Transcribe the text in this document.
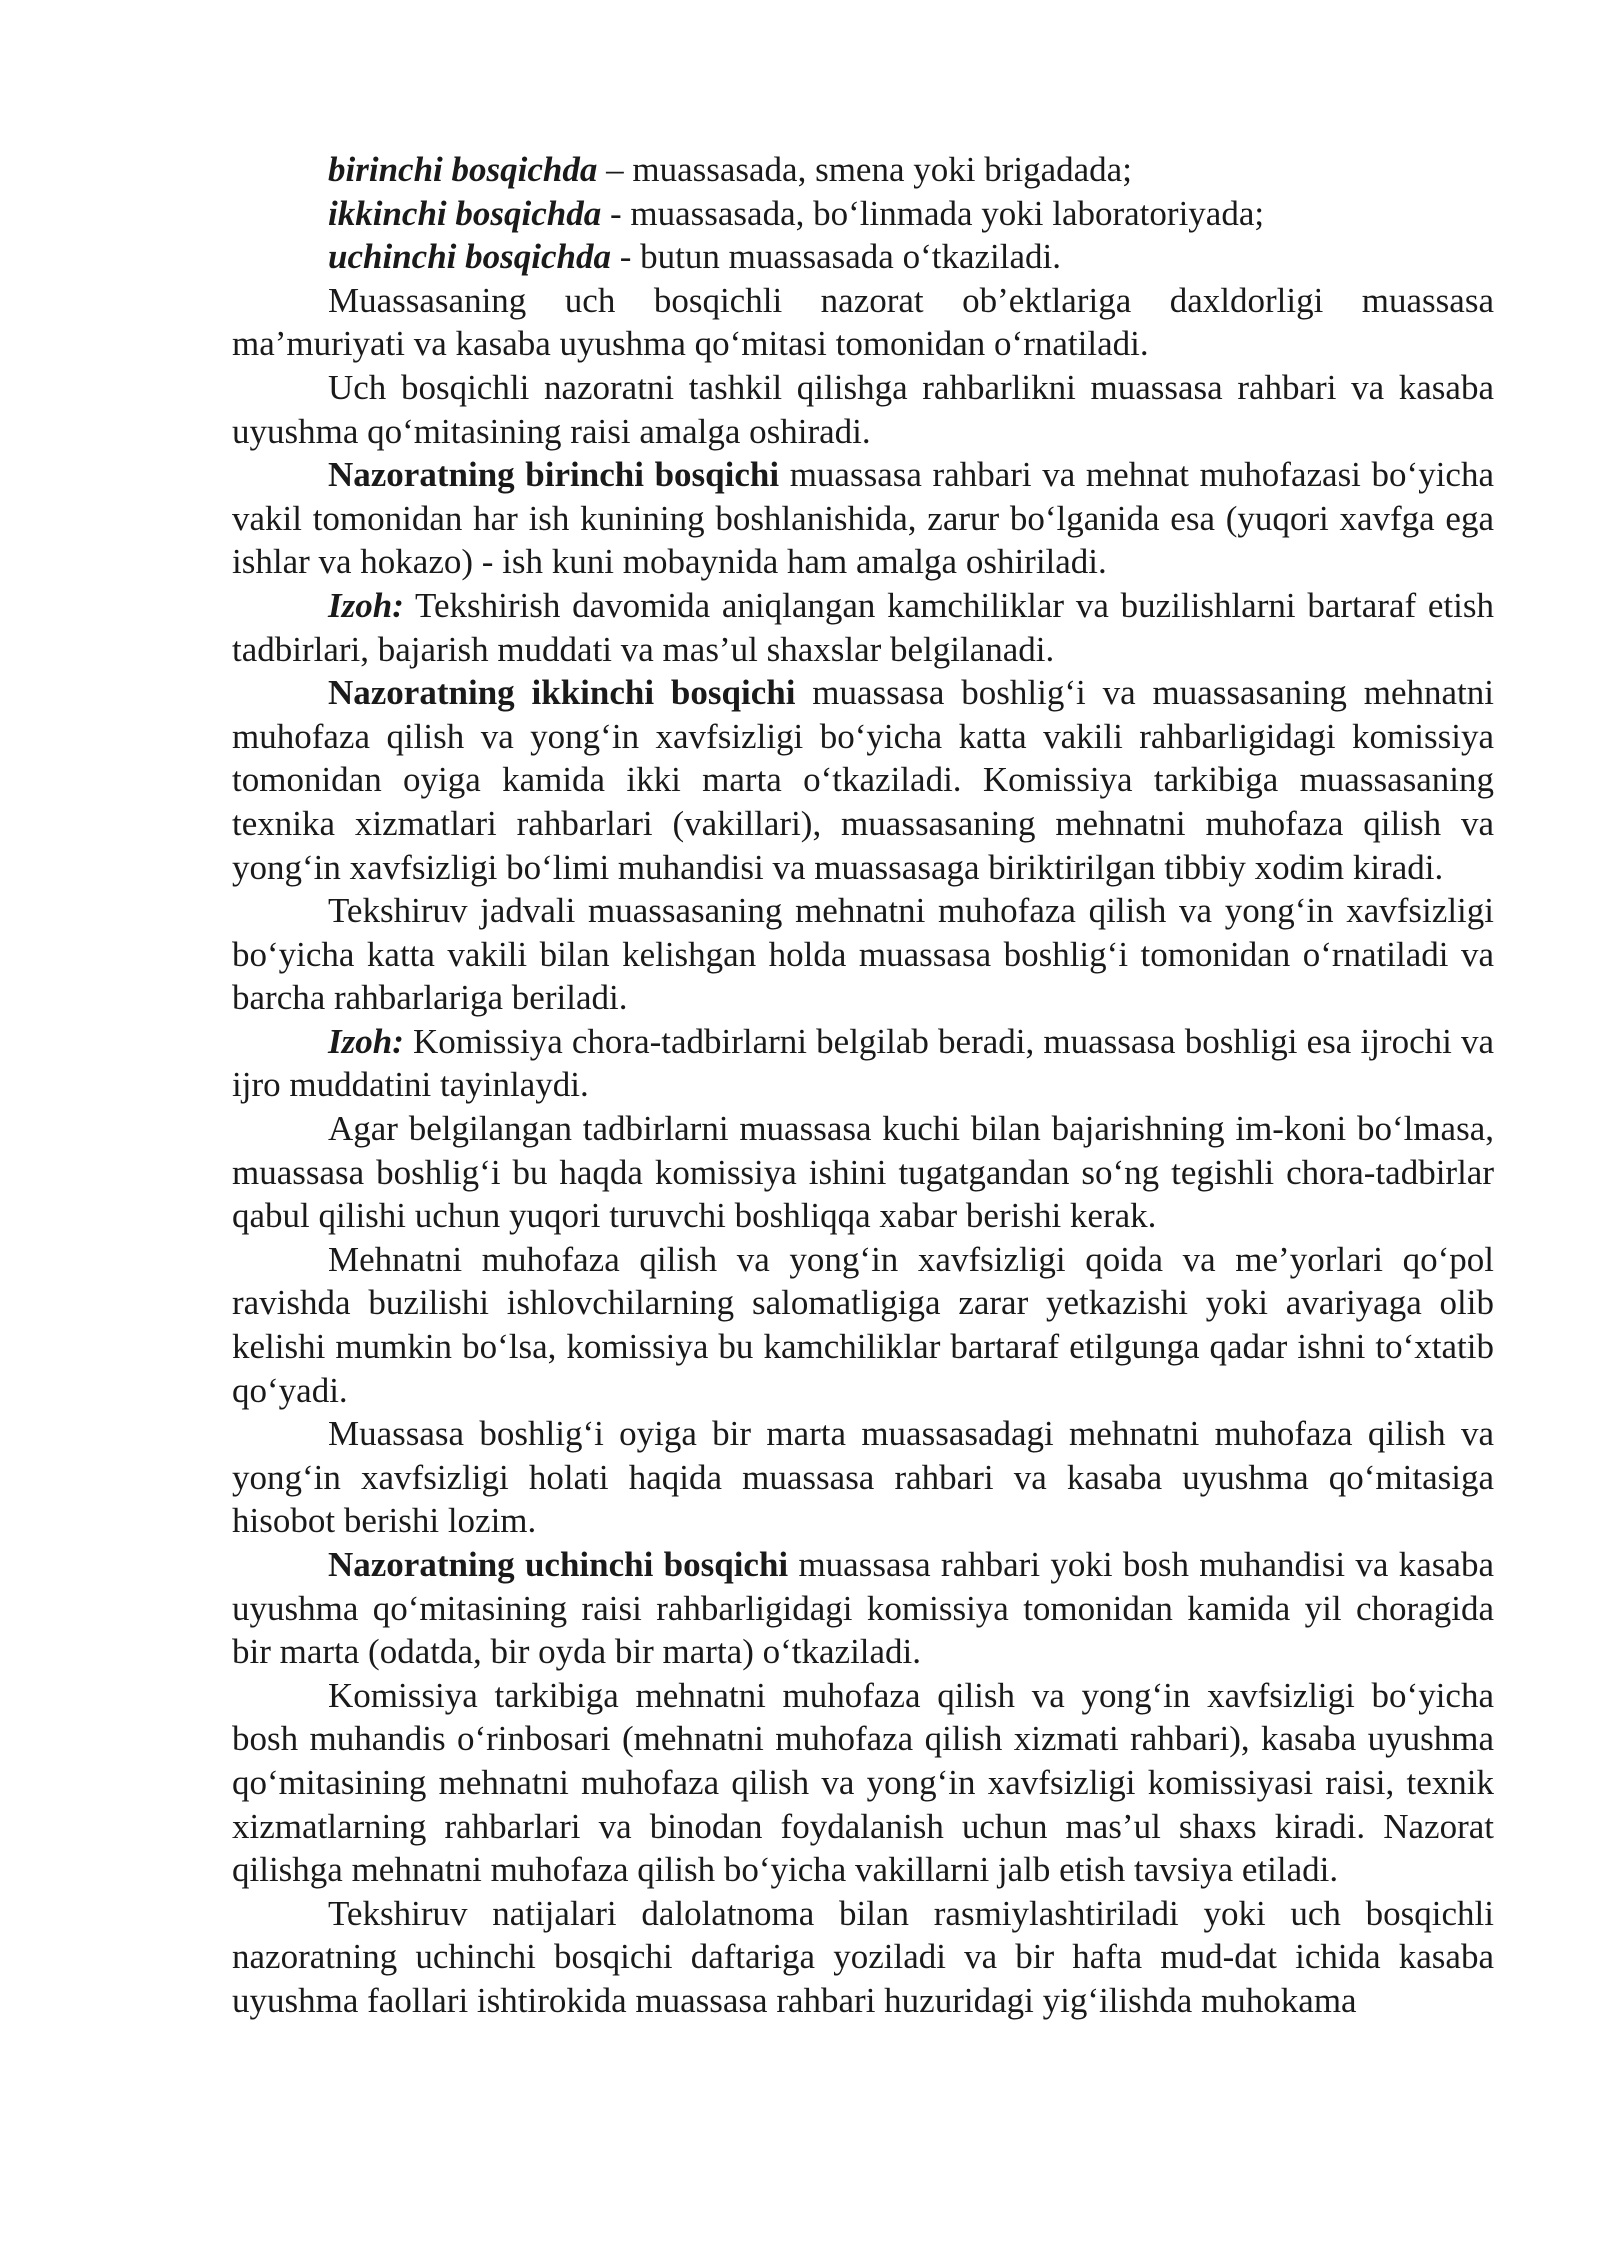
birinchi bosqichda – muassasada, smena yoki brigadada;

ikkinchi bosqichda - muassasada, bo‘linmada yoki laboratoriyada;

uchinchi bosqichda - butun muassasada o‘tkaziladi.

Muassasaning uch bosqichli nazorat ob’ektlariga daxldorligi muassasa ma’muriyati va kasaba uyushma qo‘mitasi tomonidan o‘rnatiladi.

Uch bosqichli nazoratni tashkil qilishga rahbarlikni muassasa rahbari va kasaba uyushma qo‘mitasining raisi amalga oshiradi.

Nazoratning birinchi bosqichi muassasa rahbari va mehnat muhofazasi bo‘yicha vakil tomonidan har ish kunining boshlanishida, zarur bo‘lganida esa (yuqori xavfga ega ishlar va hokazo) - ish kuni mobaynida ham amalga oshiriladi.

Izoh: Tekshirish davomida aniqlangan kamchiliklar va buzilishlarni bartaraf etish tadbirlari, bajarish muddati va mas’ul shaxslar belgilanadi.

Nazoratning ikkinchi bosqichi muassasa boshlig‘i va muassasaning mehnatni muhofaza qilish va yong‘in xavfsizligi bo‘yicha katta vakili rahbarligidagi komissiya tomonidan oyiga kamida ikki marta o‘tkaziladi. Komissiya tarkibiga muassasaning texnika xizmatlari rahbarlari (vakillari), muassasaning mehnatni muhofaza qilish va yong‘in xavfsizligi bo‘limi muhandisi va muassasaga biriktirilgan tibbiy xodim kiradi.

Tekshiruv jadvali muassasaning mehnatni muhofaza qilish va yong‘in xavfsizligi bo‘yicha katta vakili bilan kelishgan holda muassasa boshlig‘i tomonidan o‘rnatiladi va barcha rahbarlariga beriladi.

Izoh: Komissiya chora-tadbirlarni belgilab beradi, muassasa boshligi esa ijrochi va ijro muddatini tayinlaydi.

Agar belgilangan tadbirlarni muassasa kuchi bilan bajarishning im-koni bo‘lmasa, muassasa boshlig‘i bu haqda komissiya ishini tugatgandan so‘ng tegishli chora-tadbirlar qabul qilishi uchun yuqori turuvchi boshliqqa xabar berishi kerak.

Mehnatni muhofaza qilish va yong‘in xavfsizligi qoida va me’yorlari qo‘pol ravishda buzilishi ishlovchilarning salomatligiga zarar yetkazishi yoki avariyaga olib kelishi mumkin bo‘lsa, komissiya bu kamchiliklar bartaraf etilgunga qadar ishni to‘xtatib qo‘yadi.

Muassasa boshlig‘i oyiga bir marta muassasadagi mehnatni muhofaza qilish va yong‘in xavfsizligi holati haqida muassasa rahbari va kasaba uyushma qo‘mitasiga hisobot berishi lozim.

Nazoratning uchinchi bosqichi muassasa rahbari yoki bosh muhandisi va kasaba uyushma qo‘mitasining raisi rahbarligidagi komissiya tomonidan kamida yil choragida bir marta (odatda, bir oyda bir marta) o‘tkaziladi.

Komissiya tarkibiga mehnatni muhofaza qilish va yong‘in xavfsizligi bo‘yicha bosh muhandis o‘rinbosari (mehnatni muhofaza qilish xizmati rahbari), kasaba uyushma qo‘mitasining mehnatni muhofaza qilish va yong‘in xavfsizligi komissiyasi raisi, texnik xizmatlarning rahbarlari va binodan foydalanish uchun mas’ul shaxs kiradi. Nazorat qilishga mehnatni muhofaza qilish bo‘yicha vakillarni jalb etish tavsiya etiladi.

Tekshiruv natijalari dalolatnoma bilan rasmiylashtiriladi yoki uch bosqichli nazoratning uchinchi bosqichi daftariga yoziladi va bir hafta mud-dat ichida kasaba uyushma faollari ishtirokida muassasa rahbari huzuridagi yig‘ilishda muhokama
